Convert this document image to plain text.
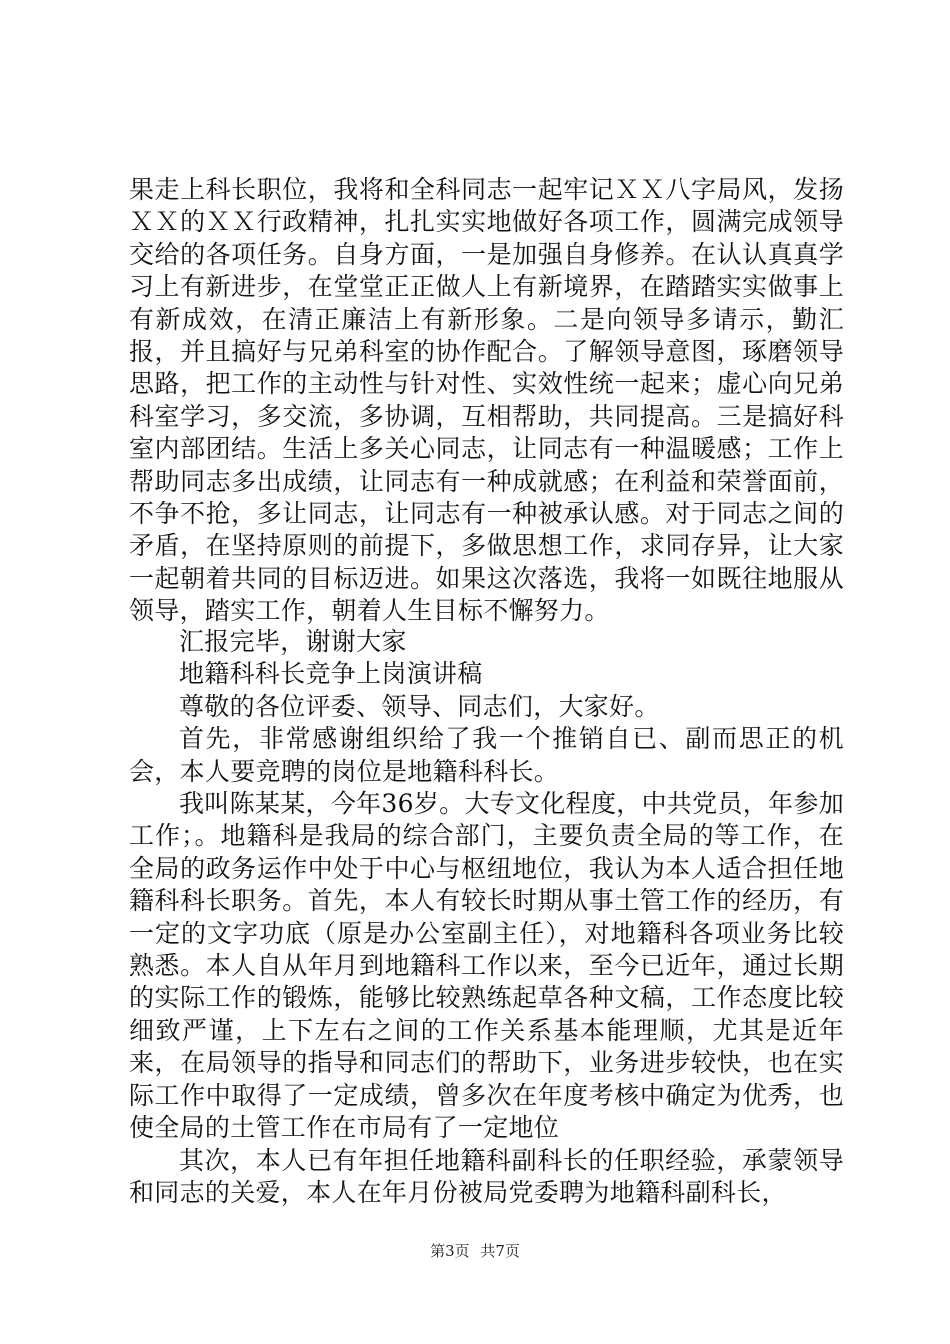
果走上科长职位，我将和全科同志一起牢记ＸＸ八字局风，发扬ＸＸ的ＸＸ行政精神，扎扎实实地做好各项工作，圆满完成领导交给的各项任务。自身方面，一是加强自身修养。在认认真真学习上有新进步，在堂堂正正做人上有新境界，在踏踏实实做事上有新成效，在清正廉洁上有新形象。二是向领导多请示，勤汇报，并且搞好与兄弟科室的协作配合。了解领导意图，琢磨领导思路，把工作的主动性与针对性、实效性统一起来；虚心向兄弟科室学习，多交流，多协调，互相帮助，共同提高。三是搞好科室内部团结。生活上多关心同志，让同志有一种温暖感；工作上帮助同志多出成绩，让同志有一种成就感；在利益和荣誉面前，不争不抢，多让同志，让同志有一种被承认感。对于同志之间的矛盾，在坚持原则的前提下，多做思想工作，求同存异，让大家一起朝着共同的目标迈进。如果这次落选，我将一如既往地服从领导，踏实工作，朝着人生目标不懈努力。

汇报完毕，谢谢大家

地籍科科长竞争上岗演讲稿

尊敬的各位评委、领导、同志们，大家好。

首先，非常感谢组织给了我一个推销自已、副而思正的机会，本人要竞聘的岗位是地籍科科长。

我叫陈某某，今年36岁。大专文化程度，中共党员，年参加工作；。地籍科是我局的综合部门，主要负责全局的等工作，在全局的政务运作中处于中心与枢纽地位，我认为本人适合担任地籍科科长职务。首先，本人有较长时期从事土管工作的经历，有一定的文字功底（原是办公室副主任），对地籍科各项业务比较熟悉。本人自从年月到地籍科工作以来，至今已近年，通过长期的实际工作的锻炼，能够比较熟练起草各种文稿，工作态度比较细致严谨，上下左右之间的工作关系基本能理顺，尤其是近年来，在局领导的指导和同志们的帮助下，业务进步较快，也在实际工作中取得了一定成绩，曾多次在年度考核中确定为优秀，也使全局的土管工作在市局有了一定地位

其次，本人已有年担任地籍科副科长的任职经验，承蒙领导和同志的关爱，本人在年月份被局党委聘为地籍科副科长，

第3页 共7页
